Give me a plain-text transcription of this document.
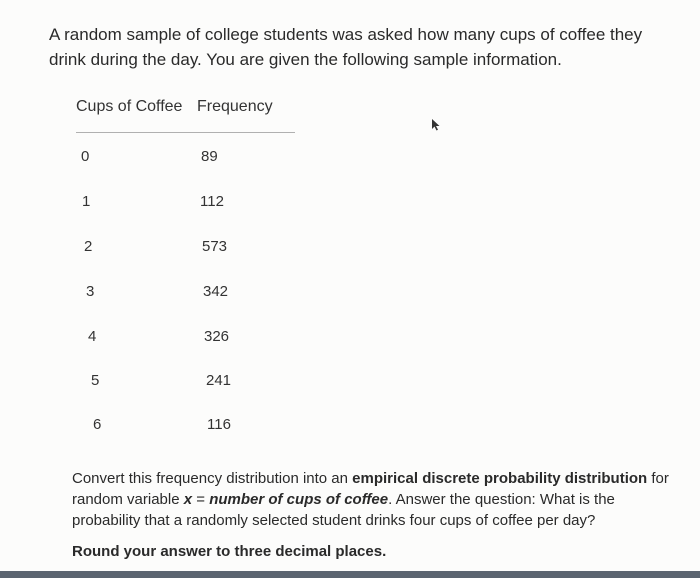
A random sample of college students was asked how many cups of coffee they drink during the day. You are given the following sample information.
Cups of Coffee Frequency
0	89
1	112
2	573
3	342
4	326
5	241
6	116
Convert this frequency distribution into an empirical discrete probability distribution for random variable x = number of cups of coffee. Answer the question: What is the probability that a randomly selected student drinks four cups of coffee per day?
Round your answer to three decimal places.
